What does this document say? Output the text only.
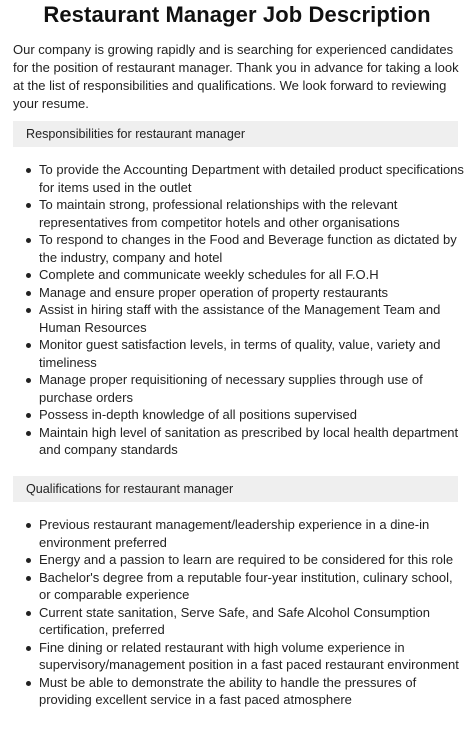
Restaurant Manager Job Description

Our company is growing rapidly and is searching for experienced candidates for the position of restaurant manager. Thank you in advance for taking a look at the list of responsibilities and qualifications. We look forward to reviewing your resume.

Responsibilities for restaurant manager
To provide the Accounting Department with detailed product specifications for items used in the outlet
To maintain strong, professional relationships with the relevant representatives from competitor hotels and other organisations
To respond to changes in the Food and Beverage function as dictated by the industry, company and hotel
Complete and communicate weekly schedules for all F.O.H
Manage and ensure proper operation of property restaurants
Assist in hiring staff with the assistance of the Management Team and Human Resources
Monitor guest satisfaction levels, in terms of quality, value, variety and timeliness
Manage proper requisitioning of necessary supplies through use of purchase orders
Possess in-depth knowledge of all positions supervised
Maintain high level of sanitation as prescribed by local health department and company standards
Qualifications for restaurant manager
Previous restaurant management/leadership experience in a dine-in environment preferred
Energy and a passion to learn are required to be considered for this role
Bachelor's degree from a reputable four-year institution, culinary school, or comparable experience
Current state sanitation, Serve Safe, and Safe Alcohol Consumption certification, preferred
Fine dining or related restaurant with high volume experience in supervisory/management position in a fast paced restaurant environment
Must be able to demonstrate the ability to handle the pressures of providing excellent service in a fast paced atmosphere
